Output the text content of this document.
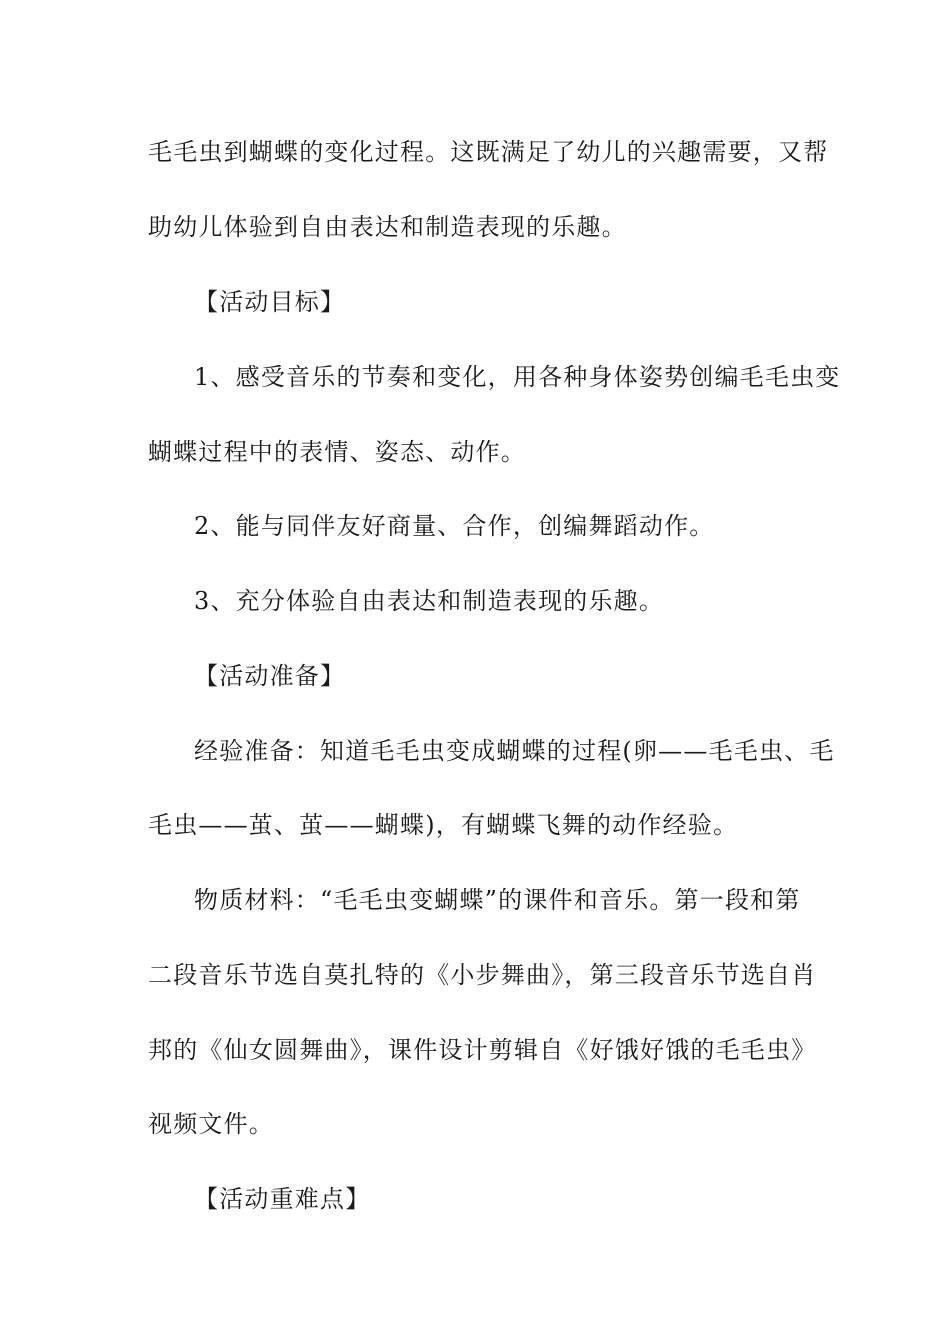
毛毛虫到蝴蝶的变化过程。这既满足了幼儿的兴趣需要，又帮
助幼儿体验到自由表达和制造表现的乐趣。
【活动目标】
1、感受音乐的节奏和变化，用各种身体姿势创编毛毛虫变
蝴蝶过程中的表情、姿态、动作。
2、能与同伴友好商量、合作，创编舞蹈动作。
3、充分体验自由表达和制造表现的乐趣。
【活动准备】
经验准备：知道毛毛虫变成蝴蝶的过程(卵——毛毛虫、毛
毛虫——茧、茧——蝴蝶)，有蝴蝶飞舞的动作经验。
物质材料：“毛毛虫变蝴蝶”的课件和音乐。第一段和第
二段音乐节选自莫扎特的《小步舞曲》，第三段音乐节选自肖
邦的《仙女圆舞曲》，课件设计剪辑自《好饿好饿的毛毛虫》
视频文件。
【活动重难点】
